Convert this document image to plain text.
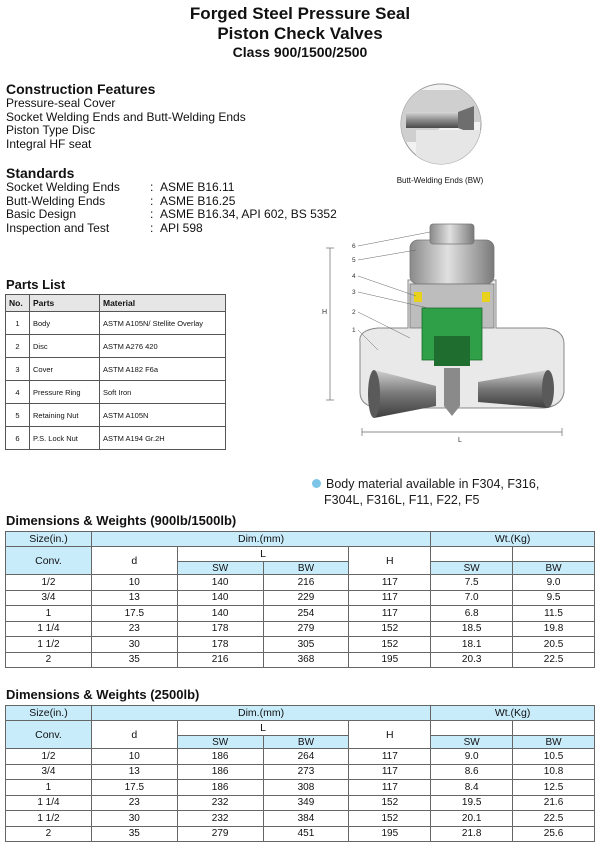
Forged Steel Pressure Seal
Piston Check Valves
Class 900/1500/2500
Construction Features
Pressure-seal Cover
Socket Welding Ends and Butt-Welding Ends
Piston Type Disc
Integral HF seat
Standards
Socket Welding Ends	: ASME B16.11
Butt-Welding Ends	: ASME B16.25
Basic Design	: ASME B16.34, API 602, BS 5352
Inspection and Test	: API 598
Butt-Welding Ends (BW)
H
6
5
4
3
2
1
L
Body material available in F304, F316,
F304L, F316L, F11, F22, F5
Parts List
No.	Parts	Material
1	Body	ASTM A105N/ Stellite Overlay
2	Disc	ASTM A276 420
3	Cover	ASTM A182 F6a
4	Pressure Ring	Soft Iron
5	Retaining Nut	ASTM A105N
6	P.S. Lock Nut	ASTM A194 Gr.2H
Dimensions & Weights (900lb/1500lb)
Size(in.)	Dim.(mm)				Wt.(Kg)	
Conv.	d	L		H		
		SW	BW		SW	BW
1/2	10	140	216	117	7.5	9.0
3/4	13	140	229	117	7.0	9.5
1	17.5	140	254	117	6.8	11.5
1 1/4	23	178	279	152	18.5	19.8
1 1/2	30	178	305	152	18.1	20.5
2	35	216	368	195	20.3	22.5
Dimensions & Weights (2500lb)
Size(in.)	Dim.(mm)				Wt.(Kg)	
Conv.	d	L		H		
		SW	BW		SW	BW
1/2	10	186	264	117	9.0	10.5
3/4	13	186	273	117	8.6	10.8
1	17.5	186	308	117	8.4	12.5
1 1/4	23	232	349	152	19.5	21.6
1 1/2	30	232	384	152	20.1	22.5
2	35	279	451	195	21.8	25.6
